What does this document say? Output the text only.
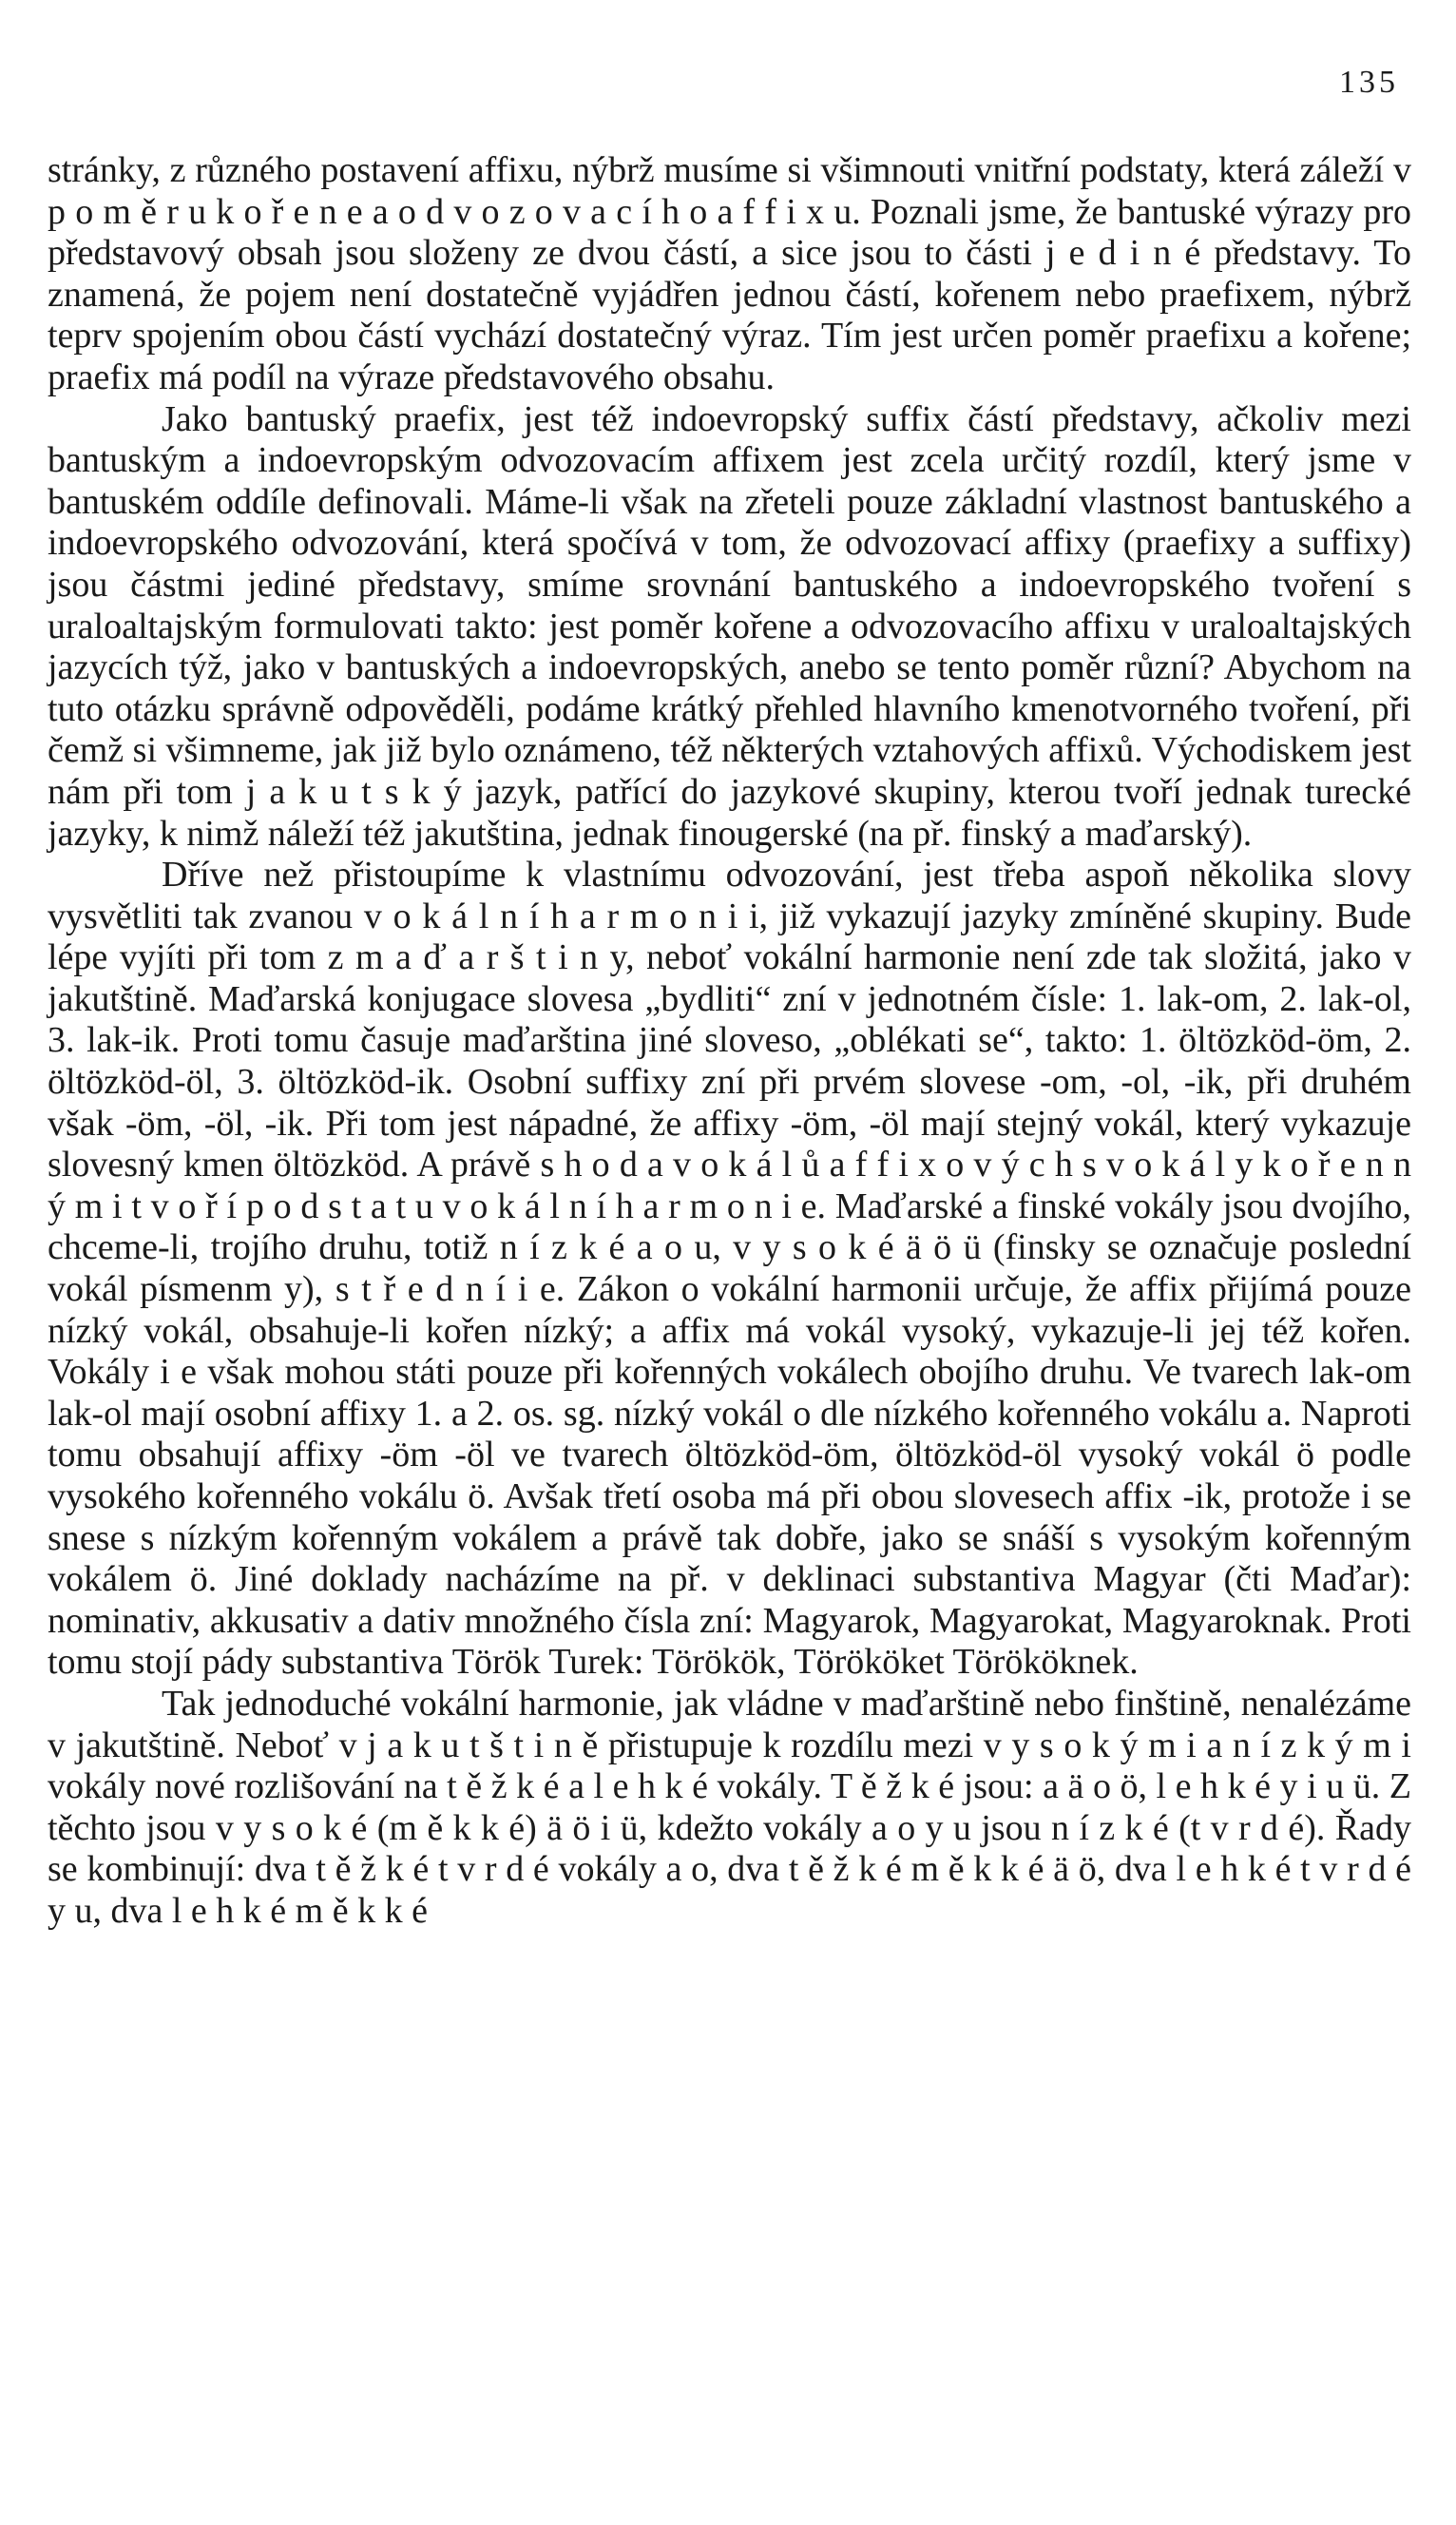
135

stránky, z různého postavení affixu, nýbrž musíme si všimnouti vnitřní podstaty, která záleží v p o m ě r u k o ř e n e a o d v o z o v a c í h o a f f i x u. Poznali jsme, že bantuské výrazy pro představový obsah jsou složeny ze dvou částí, a sice jsou to části j e d i n é představy. To znamená, že pojem není dostatečně vyjádřen jednou částí, kořenem nebo praefixem, nýbrž teprv spojením obou částí vychází dostatečný výraz. Tím jest určen poměr praefixu a kořene; praefix má podíl na výraze představového obsahu.

Jako bantuský praefix, jest též indoevropský suffix částí představy, ačkoliv mezi bantuským a indoevropským odvozovacím affixem jest zcela určitý rozdíl, který jsme v bantuském oddíle definovali. Máme-li však na zřeteli pouze základní vlastnost bantuského a indoevropského odvozování, která spočívá v tom, že odvozovací affixy (praefixy a suffixy) jsou částmi jediné představy, smíme srovnání bantuského a indoevropského tvoření s uraloaltajským formulovati takto: jest poměr kořene a odvozovacího affixu v uraloaltajských jazycích týž, jako v bantuských a indoevropských, anebo se tento poměr různí? Abychom na tuto otázku správně odpověděli, podáme krátký přehled hlavního kmenotvorného tvoření, při čemž si všimneme, jak již bylo oznámeno, též některých vztahových affixů. Východiskem jest nám při tom j a k u t s k ý jazyk, patřící do jazykové skupiny, kterou tvoří jednak turecké jazyky, k nimž náleží též jakutština, jednak finougerské (na př. finský a maďarský).

Dříve než přistoupíme k vlastnímu odvozování, jest třeba aspoň několika slovy vysvětliti tak zvanou v o k á l n í h a r m o n i i, již vykazují jazyky zmíněné skupiny. Bude lépe vyjíti při tom z m a ď a r š t i n y, neboť vokální harmonie není zde tak složitá, jako v jakutštině. Maďarská konjugace slovesa „bydliti“ zní v jednotném čísle: 1. lak-om, 2. lak-ol, 3. lak-ik. Proti tomu časuje maďarština jiné sloveso, „oblékati se“, takto: 1. öltözköd-öm, 2. öltözköd-öl, 3. öltözköd-ik. Osobní suffixy zní při prvém slovese -om, -ol, -ik, při druhém však -öm, -öl, -ik. Při tom jest nápadné, že affixy -öm, -öl mají stejný vokál, který vykazuje slovesný kmen öltözköd. A právě s h o d a v o k á l ů a f f i x o v ý c h s v o k á l y k o ř e n n ý m i t v o ř í p o d s t a t u v o k á l n í h a r m o n i e. Maďarské a finské vokály jsou dvojího, chceme-li, trojího druhu, totiž n í z k é a o u, v y s o k é ä ö ü (finsky se označuje poslední vokál písmenm y), s t ř e d n í i e. Zákon o vokální harmonii určuje, že affix přijímá pouze nízký vokál, obsahuje-li kořen nízký; a affix má vokál vysoký, vykazuje-li jej též kořen. Vokály i e však mohou státi pouze při kořenných vokálech obojího druhu. Ve tvarech lak-om lak-ol mají osobní affixy 1. a 2. os. sg. nízký vokál o dle nízkého kořenného vokálu a. Naproti tomu obsahují affixy -öm -öl ve tvarech öltözköd-öm, öltözköd-öl vysoký vokál ö podle vysokého kořenného vokálu ö. Avšak třetí osoba má při obou slovesech affix -ik, protože i se snese s nízkým kořenným vokálem a právě tak dobře, jako se snáší s vysokým kořenným vokálem ö. Jiné doklady nacházíme na př. v deklinaci substantiva Magyar (čti Maďar): nominativ, akkusativ a dativ množného čísla zní: Magyarok, Magyarokat, Magyaroknak. Proti tomu stojí pády substantiva Török Turek: Törökök, Törököket Törököknek.

Tak jednoduché vokální harmonie, jak vládne v maďarštině nebo finštině, nenalézáme v jakutštině. Neboť v j a k u t š t i n ě přistupuje k rozdílu mezi v y s o k ý m i a n í z k ý m i vokály nové rozlišování na t ě ž k é a l e h k é vokály. T ě ž k é jsou: a ä o ö, l e h k é y i u ü. Z těchto jsou v y s o k é (m ě k k é) ä ö i ü, kdežto vokály a o y u jsou n í z k é (t v r d é). Řady se kombinují: dva t ě ž k é t v r d é vokály a o, dva t ě ž k é m ě k k é ä ö, dva l e h k é t v r d é y u, dva l e h k é m ě k k é
